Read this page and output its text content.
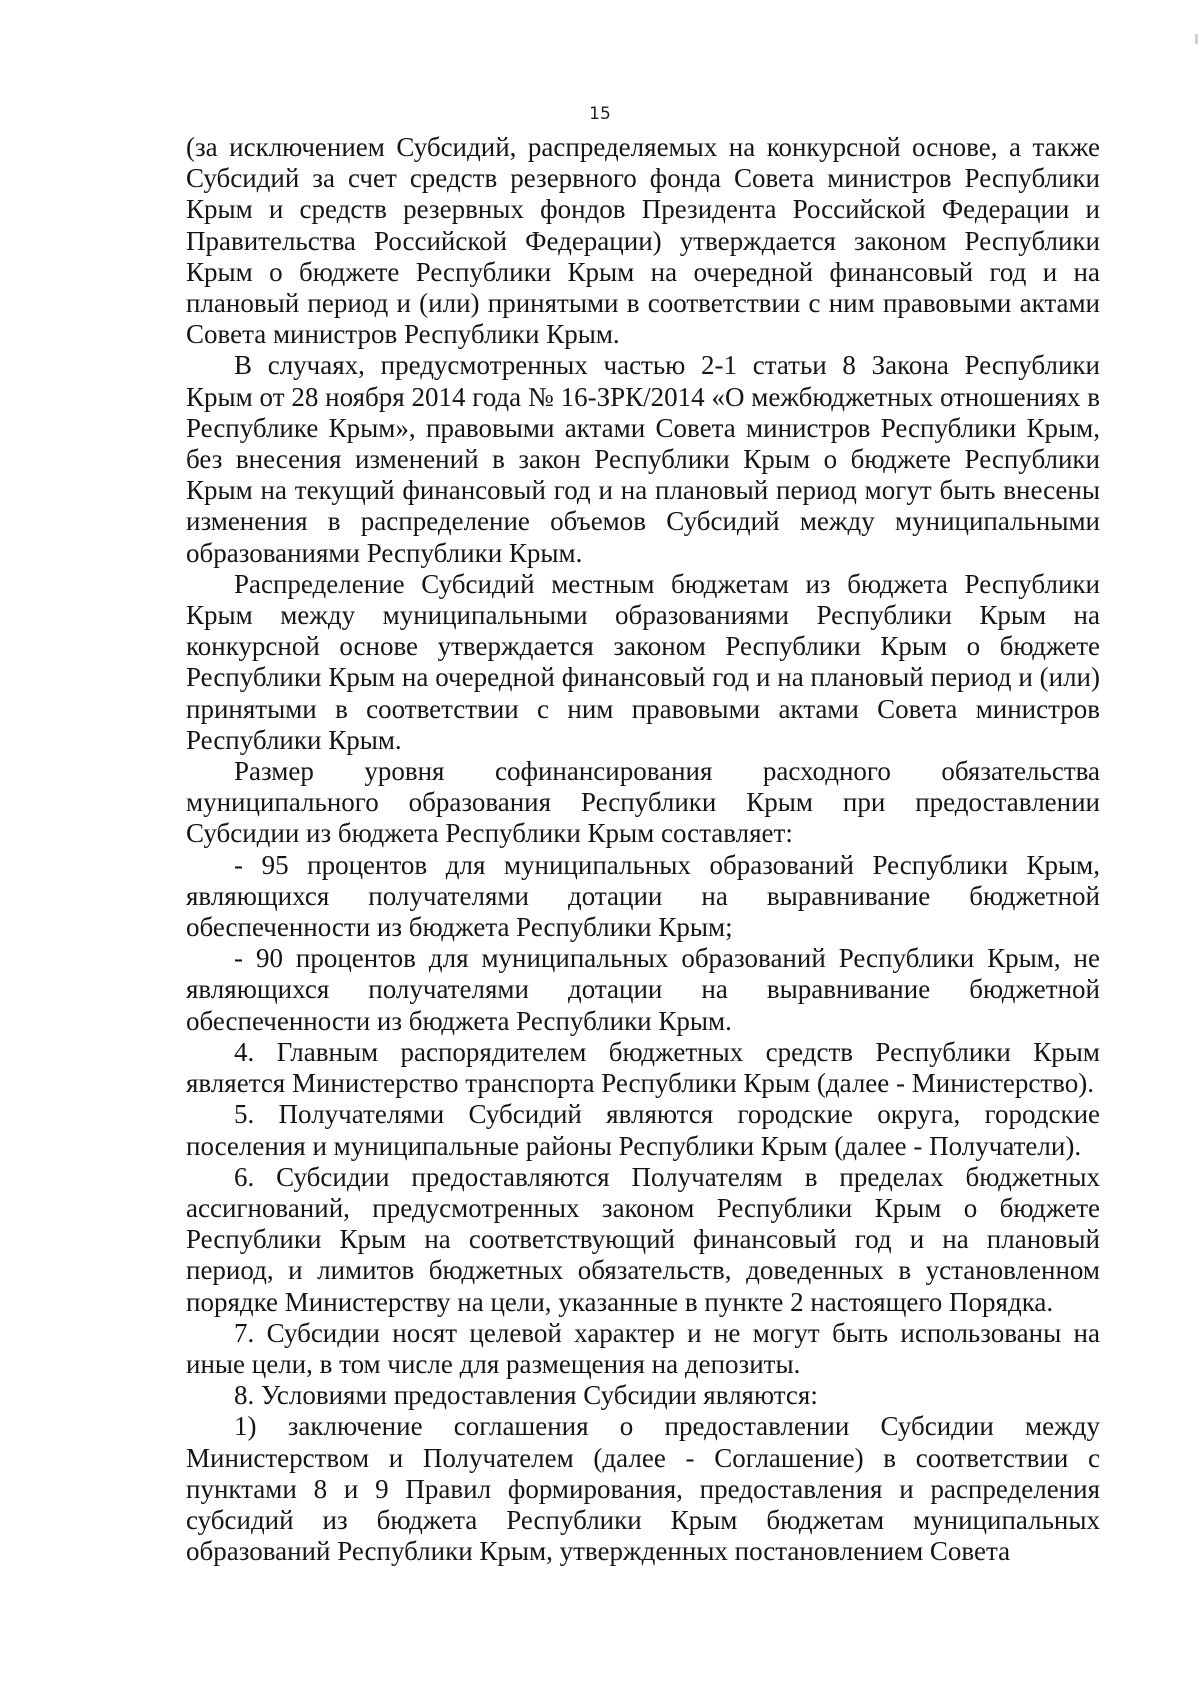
15

(за исключением Субсидий, распределяемых на конкурсной основе, а также Субсидий за счет средств резервного фонда Совета министров Республики Крым и средств резервных фондов Президента Российской Федерации и Правительства Российской Федерации) утверждается законом Республики Крым о бюджете Республики Крым на очередной финансовый год и на плановый период и (или) принятыми в соответствии с ним правовыми актами Совета министров Республики Крым.

В случаях, предусмотренных частью 2-1 статьи 8 Закона Республики Крым от 28 ноября 2014 года № 16-ЗРК/2014 «О межбюджетных отношениях в Республике Крым», правовыми актами Совета министров Республики Крым, без внесения изменений в закон Республики Крым о бюджете Республики Крым на текущий финансовый год и на плановый период могут быть внесены изменения в распределение объемов Субсидий между муниципальными образованиями Республики Крым.

Распределение Субсидий местным бюджетам из бюджета Республики Крым между муниципальными образованиями Республики Крым на конкурсной основе утверждается законом Республики Крым о бюджете Республики Крым на очередной финансовый год и на плановый период и (или) принятыми в соответствии с ним правовыми актами Совета министров Республики Крым.

Размер уровня софинансирования расходного обязательства муниципального образования Республики Крым при предоставлении Субсидии из бюджета Республики Крым составляет:

- 95 процентов для муниципальных образований Республики Крым, являющихся получателями дотации на выравнивание бюджетной обеспеченности из бюджета Республики Крым;

- 90 процентов для муниципальных образований Республики Крым, не являющихся получателями дотации на выравнивание бюджетной обеспеченности из бюджета Республики Крым.

4. Главным распорядителем бюджетных средств Республики Крым является Министерство транспорта Республики Крым (далее - Министерство).

5. Получателями Субсидий являются городские округа, городские поселения и муниципальные районы Республики Крым (далее - Получатели).

6. Субсидии предоставляются Получателям в пределах бюджетных ассигнований, предусмотренных законом Республики Крым о бюджете Республики Крым на соответствующий финансовый год и на плановый период, и лимитов бюджетных обязательств, доведенных в установленном порядке Министерству на цели, указанные в пункте 2 настоящего Порядка.

7. Субсидии носят целевой характер и не могут быть использованы на иные цели, в том числе для размещения на депозиты.

8. Условиями предоставления Субсидии являются:

1) заключение соглашения о предоставлении Субсидии между Министерством и Получателем (далее - Соглашение) в соответствии с пунктами 8 и 9 Правил формирования, предоставления и распределения субсидий из бюджета Республики Крым бюджетам муниципальных образований Республики Крым, утвержденных постановлением Совета
